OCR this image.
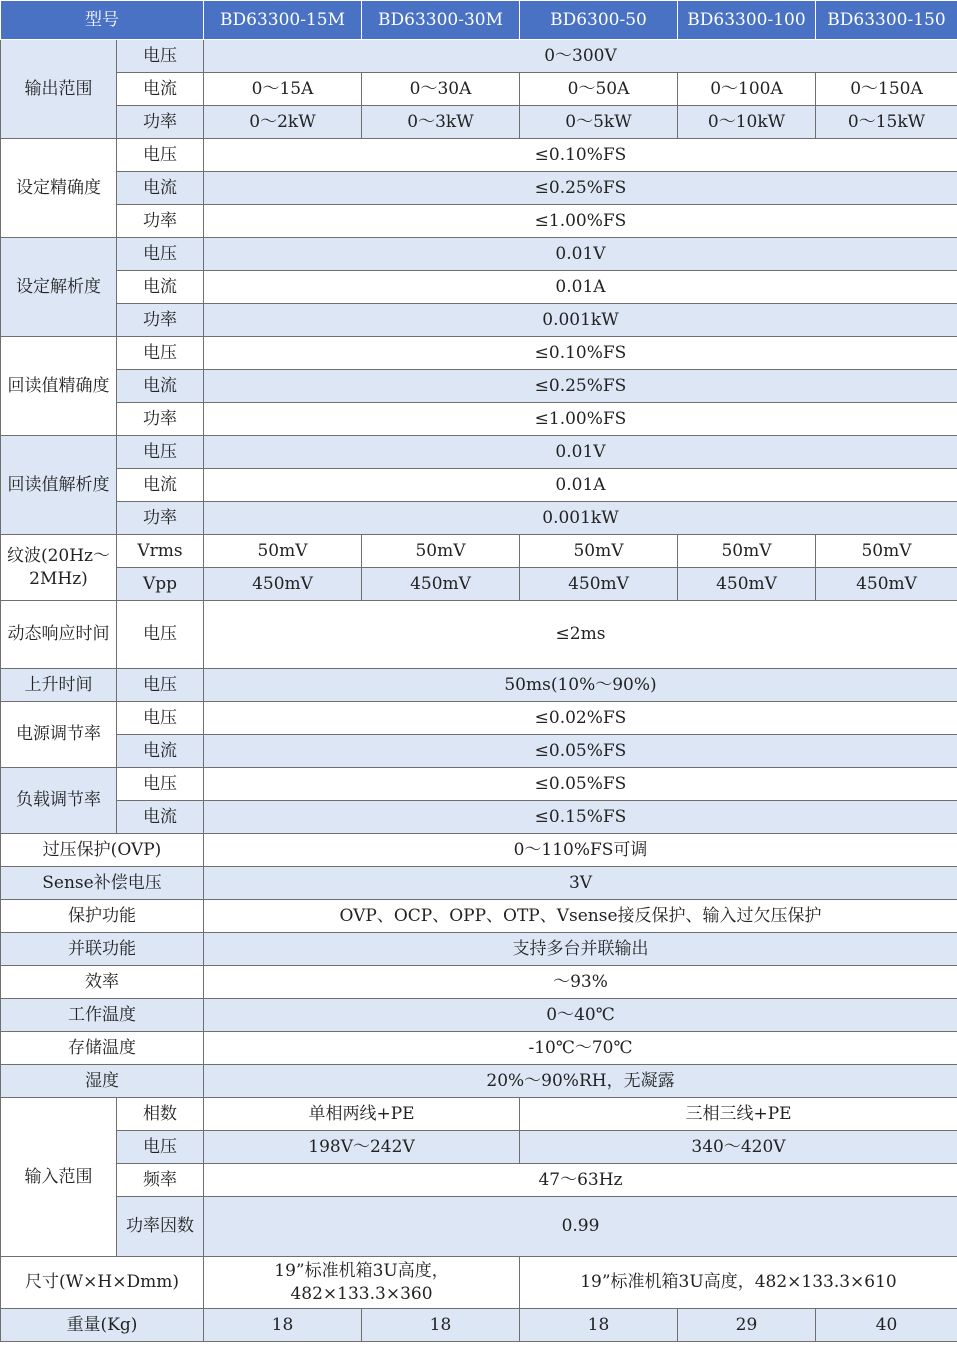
型号		BD63300-15M	BD63300-30M	BD6300-50	BD63300-100	BD63300-150
输出范围	电压	0～300V				
	电流	0～15A	0～30A	0～50A	0～100A	0～150A
	功率	0～2kW	0～3kW	0～5kW	0～10kW	0～15kW
设定精确度	电压	≤0.10%FS				
	电流	≤0.25%FS				
	功率	≤1.00%FS				
设定解析度	电压	0.01V				
	电流	0.01A				
	功率	0.001kW				
回读值精确度	电压	≤0.10%FS				
	电流	≤0.25%FS				
	功率	≤1.00%FS				
回读值解析度	电压	0.01V				
	电流	0.01A				
	功率	0.001kW				
纹波(20Hz～2MHz)	Vrms	50mV	50mV	50mV	50mV	50mV
	Vpp	450mV	450mV	450mV	450mV	450mV
动态响应时间	电压	≤2ms				
上升时间	电压	50ms(10%～90%)				
电源调节率	电压	≤0.02%FS				
	电流	≤0.05%FS				
负载调节率	电压	≤0.05%FS				
	电流	≤0.15%FS				
过压保护(OVP)		0～110%FS可调				
Sense补偿电压		3V				
保护功能		OVP、OCP、OPP、OTP、Vsense接反保护、输入过欠压保护				
并联功能		支持多台并联输出				
效率		～93%				
工作温度		0～40℃				
存储温度		-10℃～70℃				
湿度		20%～90%RH，无凝露				
输入范围	相数	单相两线+PE		三相三线+PE		
	电压	198V～242V		340～420V		
	频率	47～63Hz				
	功率因数	0.99				
尺寸(W×H×Dmm)		19”标准机箱3U高度，482×133.3×360		19”标准机箱3U高度，482×133.3×610		
重量(Kg)		18	18	18	29	40
